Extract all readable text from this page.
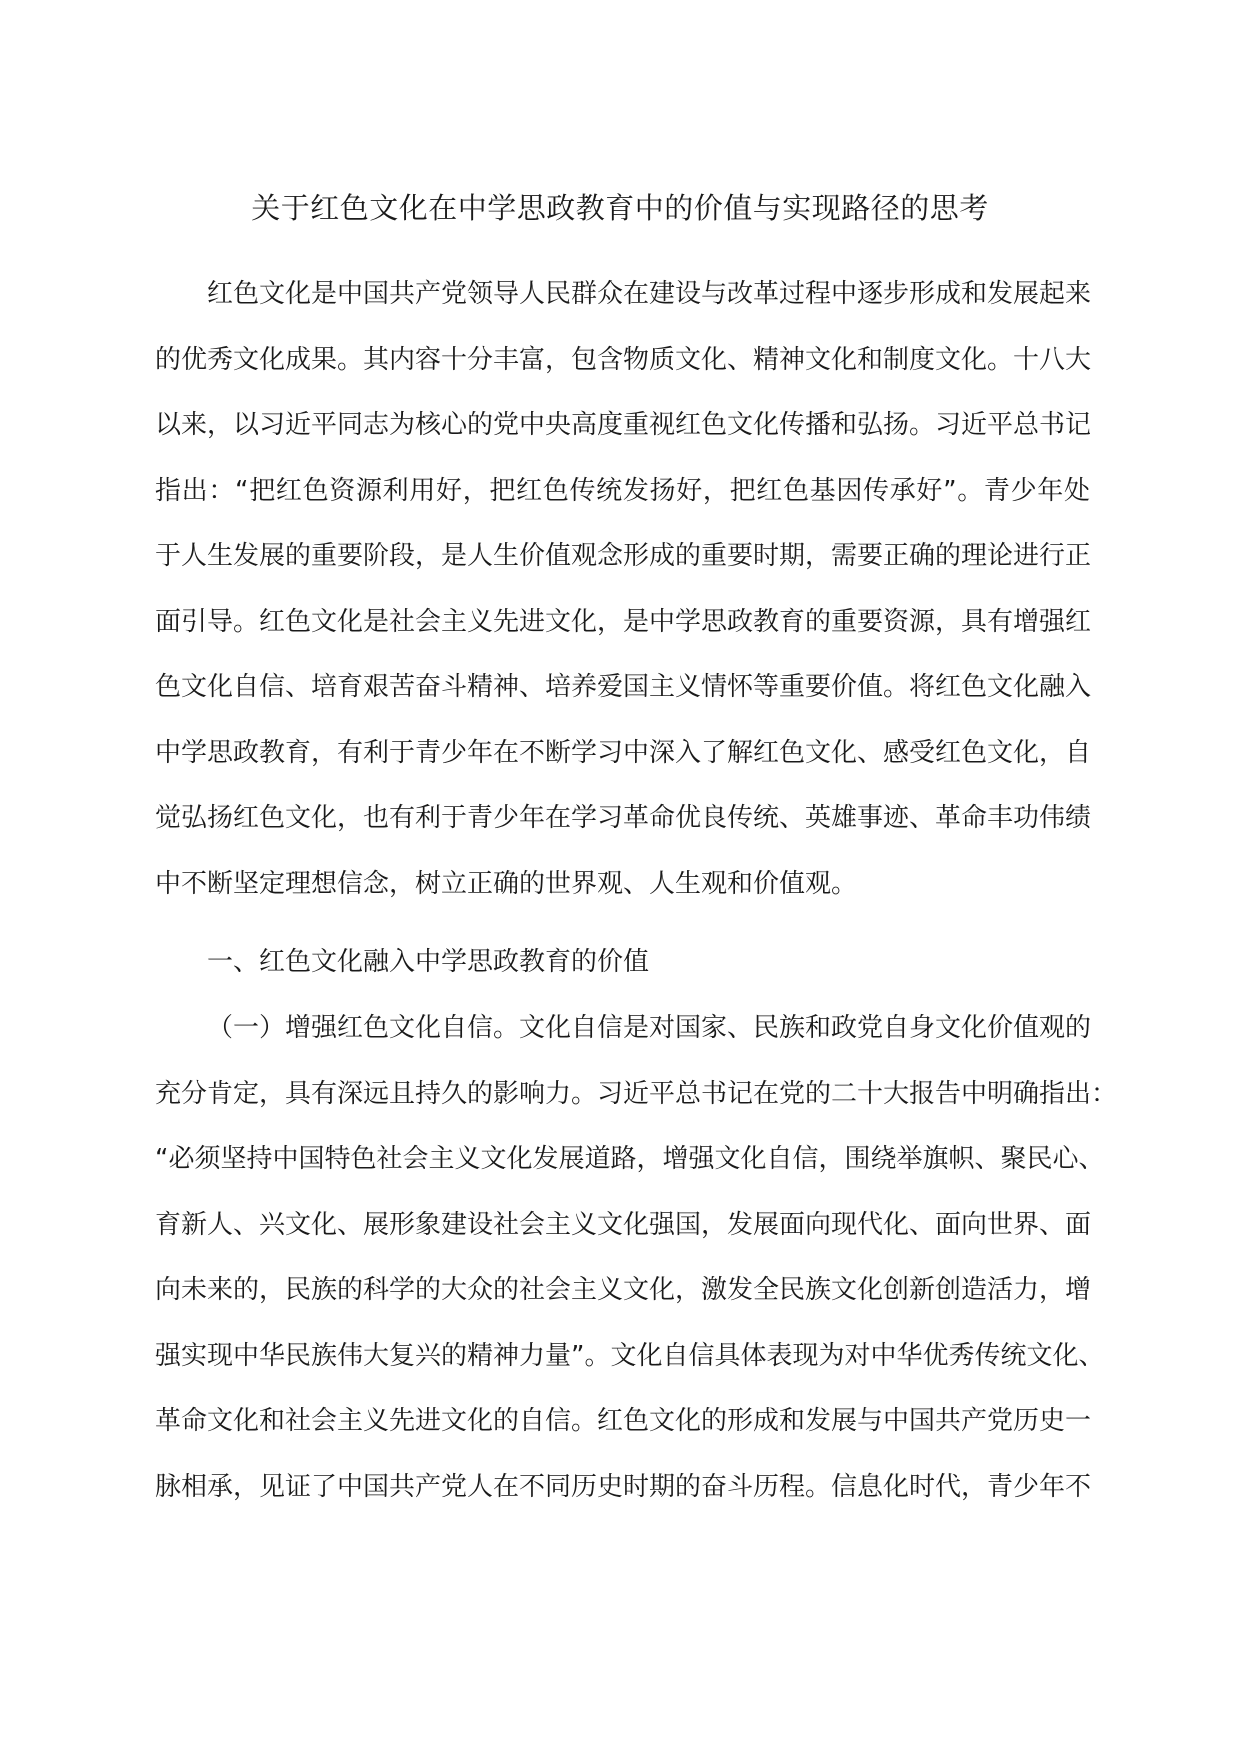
关于红色文化在中学思政教育中的价值与实现路径的思考
红色文化是中国共产党领导人民群众在建设与改革过程中逐步形成和发展起来
的优秀文化成果。其内容十分丰富，包含物质文化、精神文化和制度文化。十八大
以来，以习近平同志为核心的党中央高度重视红色文化传播和弘扬。习近平总书记
指出：“把红色资源利用好，把红色传统发扬好，把红色基因传承好”。青少年处
于人生发展的重要阶段，是人生价值观念形成的重要时期，需要正确的理论进行正
面引导。红色文化是社会主义先进文化，是中学思政教育的重要资源，具有增强红
色文化自信、培育艰苦奋斗精神、培养爱国主义情怀等重要价值。将红色文化融入
中学思政教育，有利于青少年在不断学习中深入了解红色文化、感受红色文化，自
觉弘扬红色文化，也有利于青少年在学习革命优良传统、英雄事迹、革命丰功伟绩
中不断坚定理想信念，树立正确的世界观、人生观和价值观。
一、红色文化融入中学思政教育的价值
（一）增强红色文化自信。文化自信是对国家、民族和政党自身文化价值观的
充分肯定，具有深远且持久的影响力。习近平总书记在党的二十大报告中明确指出：
“必须坚持中国特色社会主义文化发展道路，增强文化自信，围绕举旗帜、聚民心、
育新人、兴文化、展形象建设社会主义文化强国，发展面向现代化、面向世界、面
向未来的，民族的科学的大众的社会主义文化，激发全民族文化创新创造活力，增
强实现中华民族伟大复兴的精神力量”。文化自信具体表现为对中华优秀传统文化、
革命文化和社会主义先进文化的自信。红色文化的形成和发展与中国共产党历史一
脉相承，见证了中国共产党人在不同历史时期的奋斗历程。信息化时代，青少年不
